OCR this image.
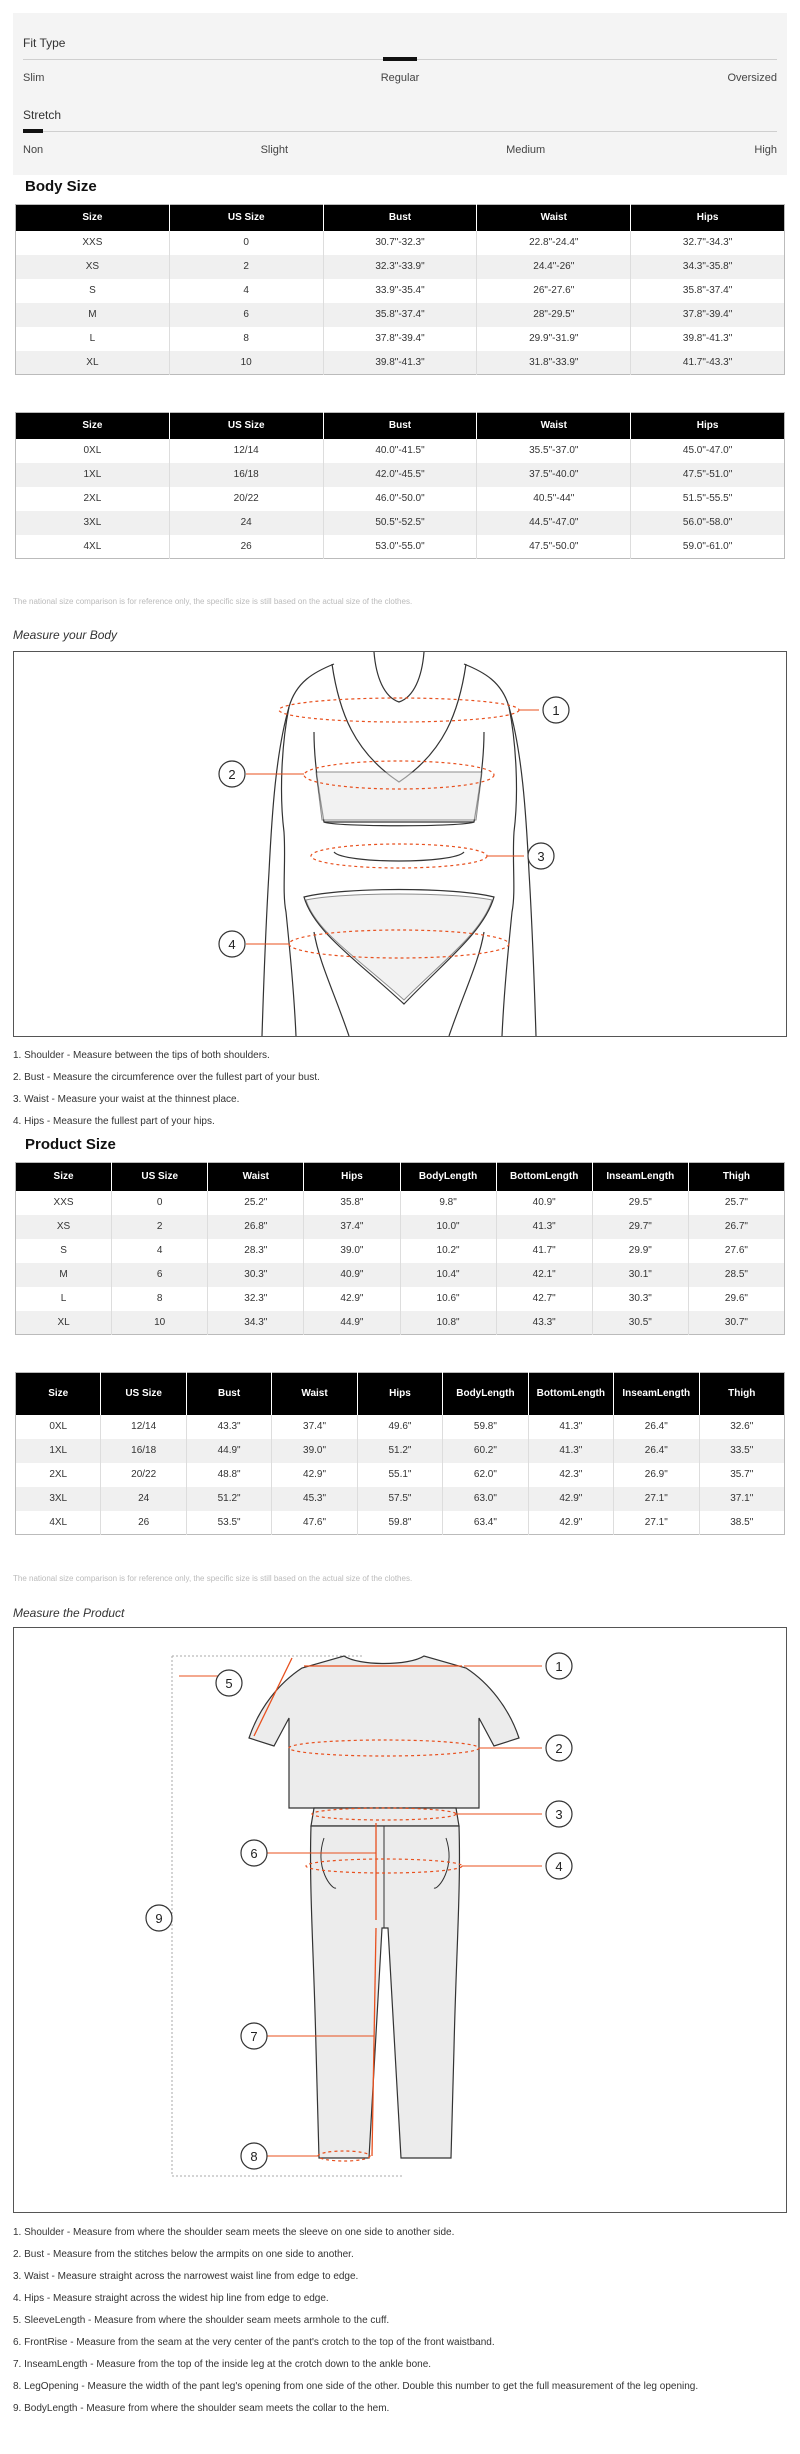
Fit Type
Slim	Regular	Oversized
Stretch
Non	Slight	Medium	High
Body Size
Size	US Size	Bust	Waist	Hips
XXS	0	30.7"-32.3"	22.8"-24.4"	32.7"-34.3"
XS	2	32.3"-33.9"	24.4"-26"	34.3"-35.8"
S	4	33.9"-35.4"	26"-27.6"	35.8"-37.4"
M	6	35.8"-37.4"	28"-29.5"	37.8"-39.4"
L	8	37.8"-39.4"	29.9"-31.9"	39.8"-41.3"
XL	10	39.8"-41.3"	31.8"-33.9"	41.7"-43.3"
Size	US Size	Bust	Waist	Hips
0XL	12/14	40.0"-41.5"	35.5"-37.0"	45.0"-47.0"
1XL	16/18	42.0"-45.5"	37.5"-40.0"	47.5"-51.0"
2XL	20/22	46.0"-50.0"	40.5"-44"	51.5"-55.5"
3XL	24	50.5"-52.5"	44.5"-47.0"	56.0"-58.0"
4XL	26	53.0"-55.0"	47.5"-50.0"	59.0"-61.0"
The national size comparison is for reference only, the specific size is still based on the actual size of the clothes.
Measure your Body
1
2
3
4
1. Shoulder - Measure between the tips of both shoulders.
2. Bust - Measure the circumference over the fullest part of your bust.
3. Waist - Measure your waist at the thinnest place.
4. Hips - Measure the fullest part of your hips.
Product Size
Size	US Size	Waist	Hips	BodyLength	BottomLength	InseamLength	Thigh
XXS	0	25.2"	35.8"	9.8"	40.9"	29.5"	25.7"
XS	2	26.8"	37.4"	10.0"	41.3"	29.7"	26.7"
S	4	28.3"	39.0"	10.2"	41.7"	29.9"	27.6"
M	6	30.3"	40.9"	10.4"	42.1"	30.1"	28.5"
L	8	32.3"	42.9"	10.6"	42.7"	30.3"	29.6"
XL	10	34.3"	44.9"	10.8"	43.3"	30.5"	30.7"
Size	US Size	Bust	Waist	Hips	BodyLength	BottomLength	InseamLength	Thigh
0XL	12/14	43.3"	37.4"	49.6"	59.8"	41.3"	26.4"	32.6"
1XL	16/18	44.9"	39.0"	51.2"	60.2"	41.3"	26.4"	33.5"
2XL	20/22	48.8"	42.9"	55.1"	62.0"	42.3"	26.9"	35.7"
3XL	24	51.2"	45.3"	57.5"	63.0"	42.9"	27.1"	37.1"
4XL	26	53.5"	47.6"	59.8"	63.4"	42.9"	27.1"	38.5"
The national size comparison is for reference only, the specific size is still based on the actual size of the clothes.
Measure the Product
1
2
3
4
5
6
7
8
9
1. Shoulder - Measure from where the shoulder seam meets the sleeve on one side to another side.
2. Bust - Measure from the stitches below the armpits on one side to another.
3. Waist - Measure straight across the narrowest waist line from edge to edge.
4. Hips - Measure straight across the widest hip line from edge to edge.
5. SleeveLength - Measure from where the shoulder seam meets armhole to the cuff.
6. FrontRise - Measure from the seam at the very center of the pant's crotch to the top of the front waistband.
7. InseamLength - Measure from the top of the inside leg at the crotch down to the ankle bone.
8. LegOpening - Measure the width of the pant leg's opening from one side of the other. Double this number to get the full measurement of the leg opening.
9. BodyLength - Measure from where the shoulder seam meets the collar to the hem.
